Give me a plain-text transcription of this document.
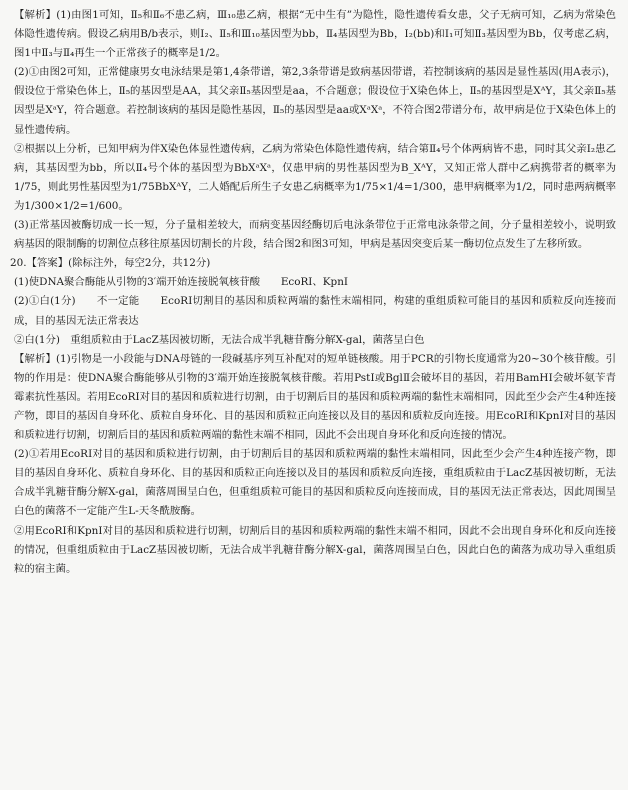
【解析】(1)由图1可知，Ⅱ₅和Ⅱ₆不患乙病，Ⅲ₁₀患乙病，根据“无中生有”为隐性，隐性遗传看女患，父子无病可知，乙病为常染色体隐性遗传病。假设乙病用B/b表示，则Ⅰ₂、Ⅱ₅和Ⅲ₁₀基因型为bb，Ⅱ₄基因型为Bb，Ⅰ₂(bb)和Ⅰ₁可知Ⅱ₃基因型为Bb，仅考虑乙病，图1中Ⅱ₃与Ⅱ₄再生一个正常孩子的概率是1/2。

(2)①由图2可知，正常健康男女电泳结果是第1,4条带谱，第2,3条带谱是致病基因带谱，若控制该病的基因是显性基因(用A表示)，假设位于常染色体上，Ⅱ₅的基因型是AA，其父亲Ⅱ₅基因型是aa，不合题意；假设位于X染色体上，Ⅱ₅的基因型是XᴬY，其父亲Ⅱ₅基因型是XᵃY，符合题意。若控制该病的基因是隐性基因，Ⅱ₅的基因型是aa或XᵃXᵃ，不符合图2带谱分布，故甲病是位于X染色体上的显性遗传病。

②根据以上分析，已知甲病为伴X染色体显性遗传病，乙病为常染色体隐性遗传病，结合第Ⅱ₄号个体两病皆不患，同时其父亲Ⅰ₂患乙病，其基因型为bb，所以Ⅱ₄号个体的基因型为BbXᵃXᵃ，仅患甲病的男性基因型为B_XᴬY，又知正常人群中乙病携带者的概率为1/75，则此男性基因型为1/75BbXᴬY，二人婚配后所生子女患乙病概率为1/75×1/4=1/300，患甲病概率为1/2，同时患两病概率为1/300×1/2=1/600。

(3)正常基因被酶切成一长一短，分子量相差较大，而病变基因经酶切后电泳条带位于正常电泳条带之间，分子量相差较小，说明致病基因的限制酶的切割位点移往原基因切割长的片段，结合图2和图3可知，甲病是基因突变后某一酶切位点发生了左移所致。

20.【答案】(除标注外，每空2分，共12分)

(1)使DNA聚合酶能从引物的3′端开始连接脱氧核苷酸　　EcoRⅠ、KpnⅠ

(2)①白(1分)　　不一定能　　EcoRⅠ切割目的基因和质粒两端的黏性末端相同，构建的重组质粒可能目的基因和质粒反向连接而成，目的基因无法正常表达

②白(1分)　重组质粒由于LacZ基因被切断，无法合成半乳糖苷酶分解X-gal，菌落呈白色

【解析】(1)引物是一小段能与DNA母链的一段碱基序列互补配对的短单链核酸。用于PCR的引物长度通常为20~30个核苷酸。引物的作用是：使DNA聚合酶能够从引物的3′端开始连接脱氧核苷酸。若用PstⅠ或BglⅡ会破坏目的基因，若用BamHⅠ会破坏氨苄青霉素抗性基因。若用EcoRⅠ对目的基因和质粒进行切割，由于切割后目的基因和质粒两端的黏性末端相同，因此至少会产生4种连接产物，即目的基因自身环化、质粒自身环化、目的基因和质粒正向连接以及目的基因和质粒反向连接。用EcoRⅠ和KpnⅠ对目的基因和质粒进行切割，切割后目的基因和质粒两端的黏性末端不相同，因此不会出现自身环化和反向连接的情况。

(2)①若用EcoRⅠ对目的基因和质粒进行切割，由于切割后目的基因和质粒两端的黏性末端相同，因此至少会产生4种连接产物，即目的基因自身环化、质粒自身环化、目的基因和质粒正向连接以及目的基因和质粒反向连接，重组质粒由于LacZ基因被切断，无法合成半乳糖苷酶分解X-gal，菌落周围呈白色，但重组质粒可能目的基因和质粒反向连接而成，目的基因无法正常表达，因此周围呈白色的菌落不一定能产生L-天冬酰胺酶。

②用EcoRⅠ和KpnⅠ对目的基因和质粒进行切割，切割后目的基因和质粒两端的黏性末端不相同，因此不会出现自身环化和反向连接的情况，但重组质粒由于LacZ基因被切断，无法合成半乳糖苷酶分解X-gal，菌落周围呈白色，因此白色的菌落为成功导入重组质粒的宿主菌。
